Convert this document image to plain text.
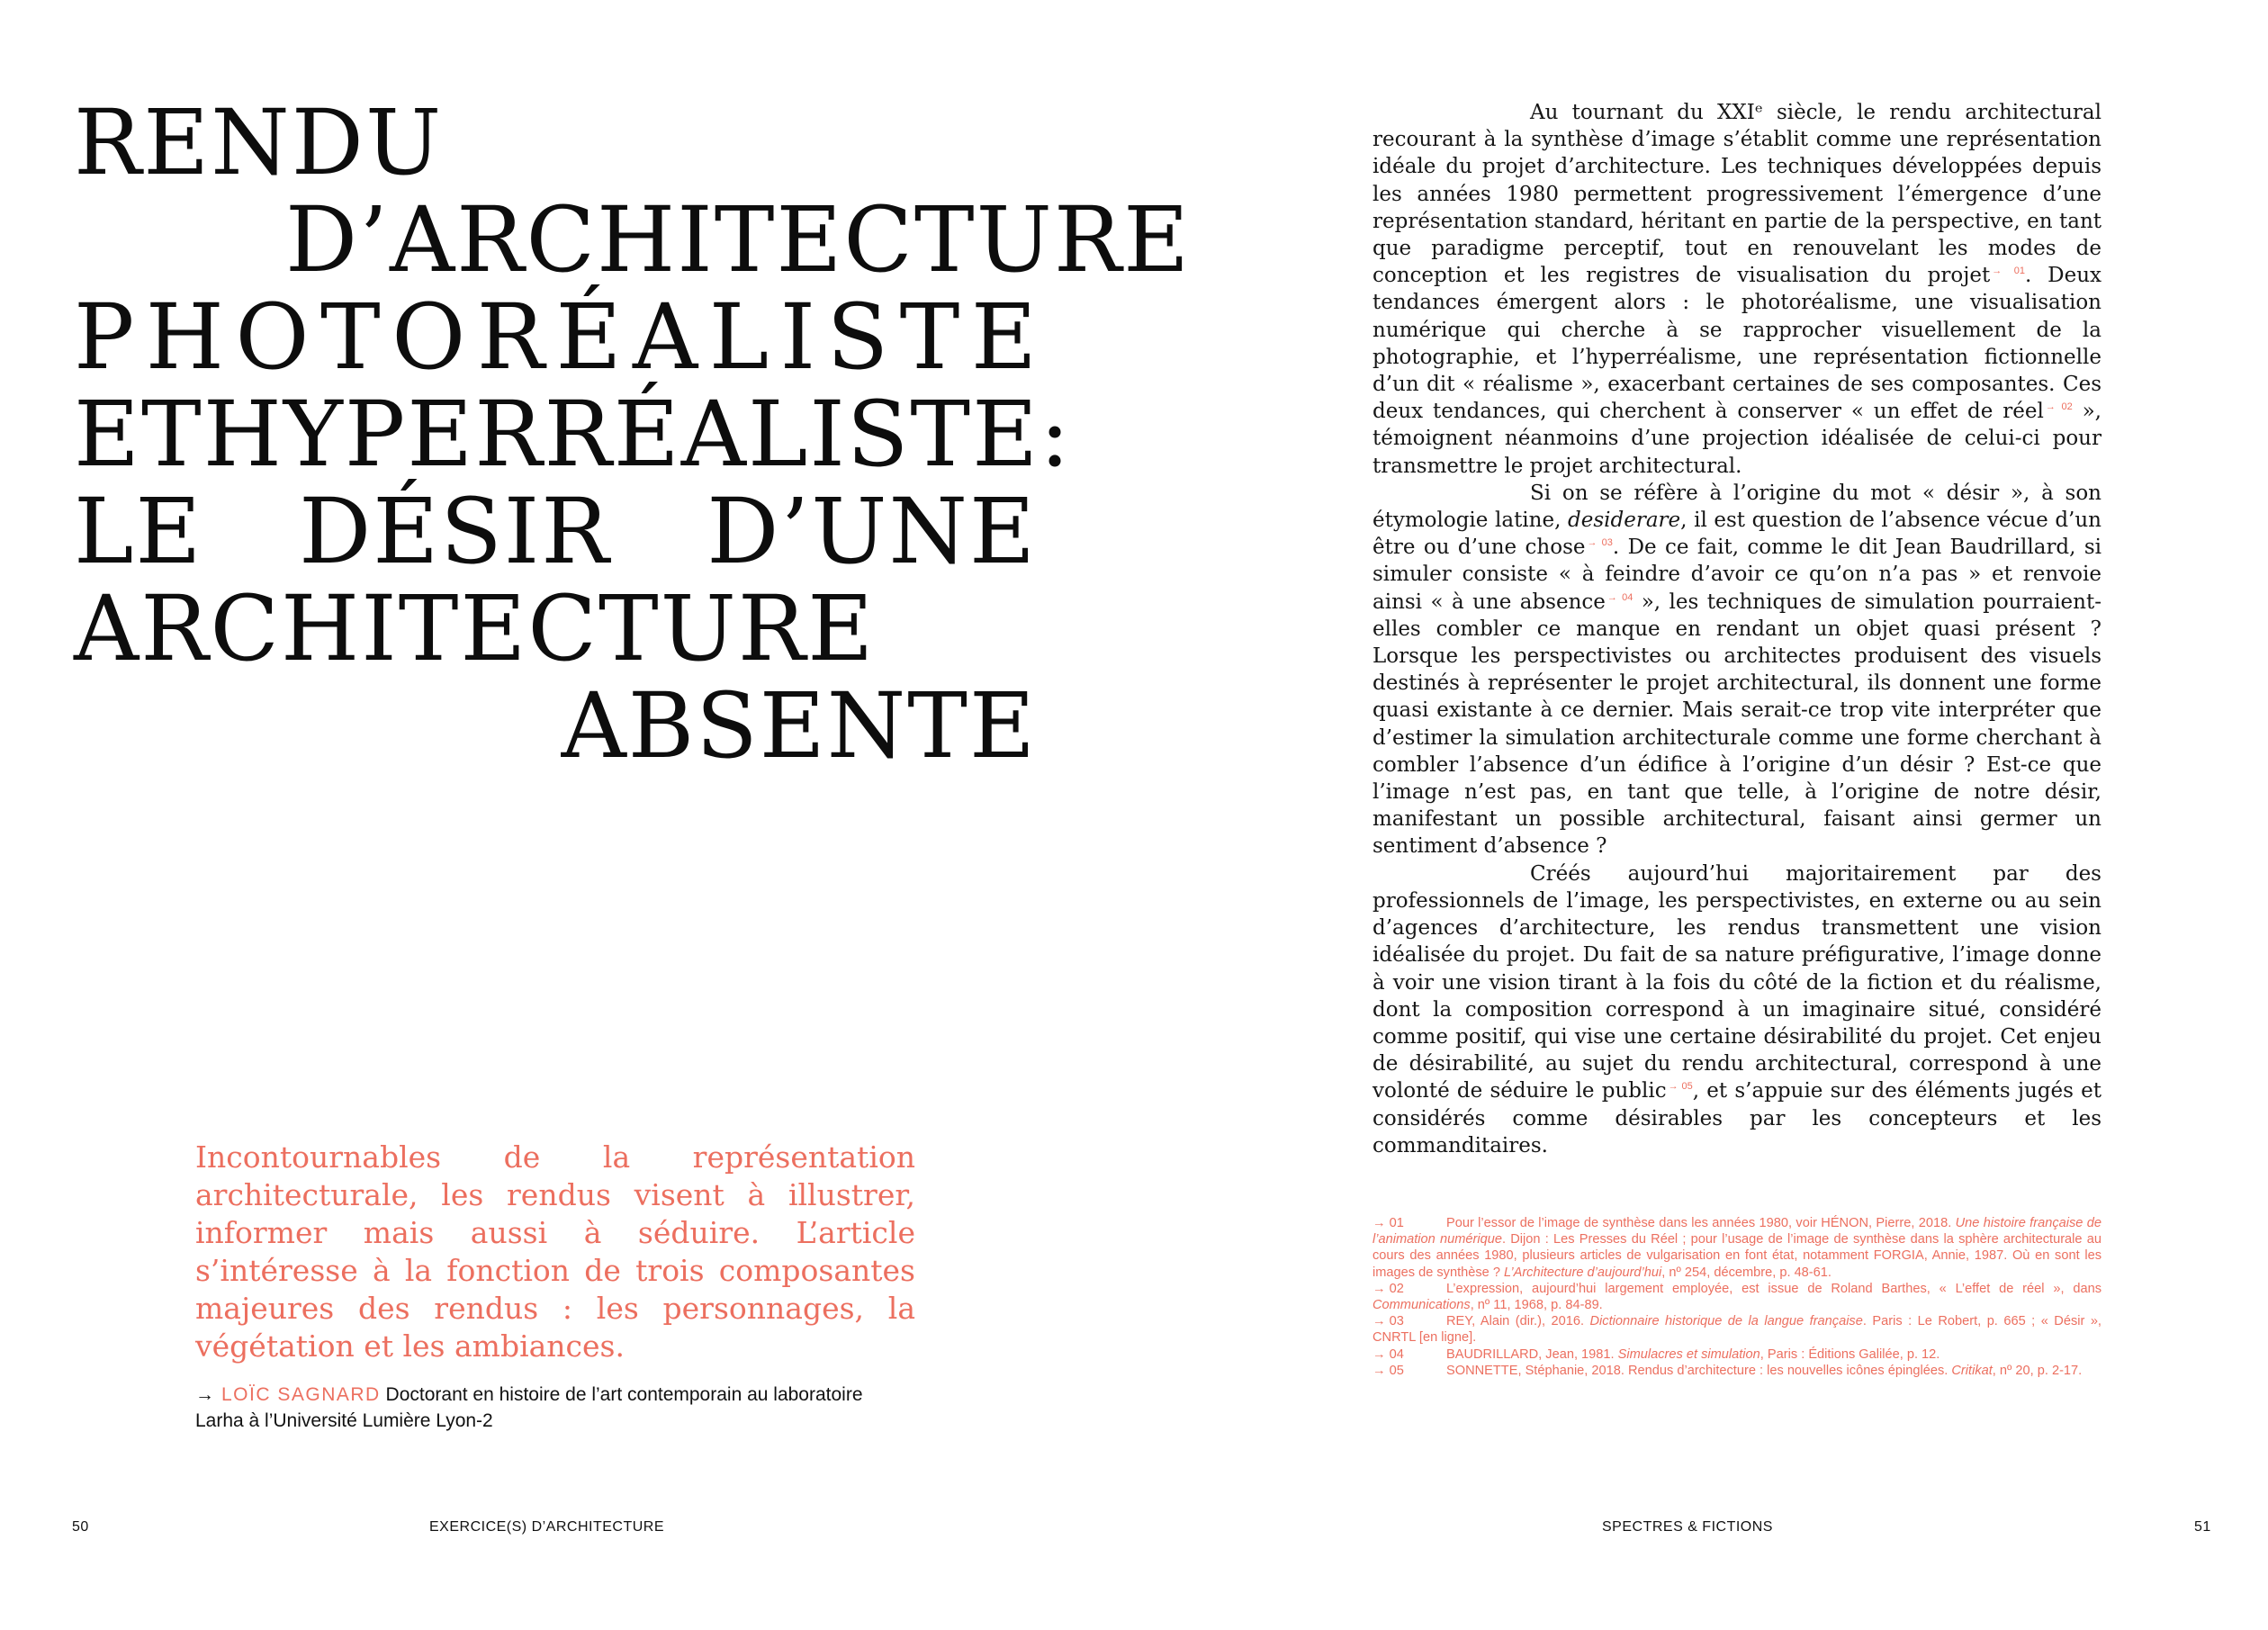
RENDU
D’ARCHITECTURE
P H O T O R É A L I S T E
ET HYPERRÉALISTE :
LE DÉSIR D’UNE
ARCHITECTURE
ABSENTE

Incontournables de la représentation architecturale, les rendus visent à illustrer, informer mais aussi à séduire. L’article s’intéresse à la fonction de trois composantes majeures des rendus : les personnages, la végétation et les ambiances.

→ LOÏC SAGNARD Doctorant en histoire de l’art contemporain au laboratoire Larha à l’Université Lumière Lyon-2
50	EXERCICE(S) D’ARCHITECTURE

Au tournant du XXIᵉ siècle, le rendu architectural recourant à la synthèse d’image s’établit comme une représentation idéale du projet d’architecture. Les techniques développées depuis les années 1980 permettent progressivement l’émergence d’une représentation standard, héritant en partie de la perspective, en tant que paradigme perceptif, tout en renouvelant les modes de conception et les registres de visualisation du projet $^{\to 01}$. Deux tendances émergent alors : le photoréalisme, une visualisation numérique qui cherche à se rapprocher visuellement de la photographie, et l’hyperréalisme, une représentation fictionnelle d’un dit « réalisme », exacerbant certaines de ses composantes. Ces deux tendances, qui cherchent à conserver « un effet de réel $^{\to 02}$ », témoignent néanmoins d’une projection idéalisée de celui-ci pour transmettre le projet architectural.

Si on se réfère à l’origine du mot « désir », à son étymologie latine, desiderare, il est question de l’absence vécue d’un être ou d’une chose $^{\to 03}$. De ce fait, comme le dit Jean Baudrillard, si simuler consiste « à feindre d’avoir ce qu’on n’a pas » et renvoie ainsi « à une absence $^{\to 04}$ », les techniques de simulation pourraient-elles combler ce manque en rendant un objet quasi présent ? Lorsque les perspectivistes ou architectes produisent des visuels destinés à représenter le projet architectural, ils donnent une forme quasi existante à ce dernier. Mais serait-ce trop vite interpréter que d’estimer la simulation architecturale comme une forme cherchant à combler l’absence d’un édifice à l’origine d’un désir ? Est-ce que l’image n’est pas, en tant que telle, à l’origine de notre désir, manifestant un possible architectural, faisant ainsi germer un sentiment d’absence ?

Créés aujourd’hui majoritairement par des professionnels de l’image, les perspectivistes, en externe ou au sein d’agences d’architecture, les rendus transmettent une vision idéalisée du projet. Du fait de sa nature préfigurative, l’image donne à voir une vision tirant à la fois du côté de la fiction et du réalisme, dont la composition correspond à un imaginaire situé, considéré comme positif, qui vise une certaine désirabilité du projet. Cet enjeu de désirabilité, au sujet du rendu architectural, correspond à une volonté de séduire le public $^{\to 05}$, et s’appuie sur des éléments jugés et considérés comme désirables par les concepteurs et les commanditaires.

→ 01	Pour l’essor de l’image de synthèse dans les années 1980, voir HÉNON, Pierre, 2018. Une histoire française de l’animation numérique. Dijon : Les Presses du Réel ; pour l’usage de l’image de synthèse dans la sphère architecturale au cours des années 1980, plusieurs articles de vulgarisation en font état, notamment FORGIA, Annie, 1987. Où en sont les images de synthèse ? L’Architecture d’aujourd’hui, nº 254, décembre, p. 48-61.

→ 02	L’expression, aujourd’hui largement employée, est issue de Roland Barthes, « L’effet de réel », dans Communications, nº 11, 1968, p. 84-89.

→ 03	REY, Alain (dir.), 2016. Dictionnaire historique de la langue française. Paris : Le Robert, p. 665 ; « Désir », CNRTL [en ligne].

→ 04	BAUDRILLARD, Jean, 1981. Simulacres et simulation, Paris : Éditions Galilée, p. 12.

→ 05	SONNETTE, Stéphanie, 2018. Rendus d’architecture : les nouvelles icônes épinglées. Critikat, nº 20, p. 2-17.

SPECTRES & FICTIONS	51
